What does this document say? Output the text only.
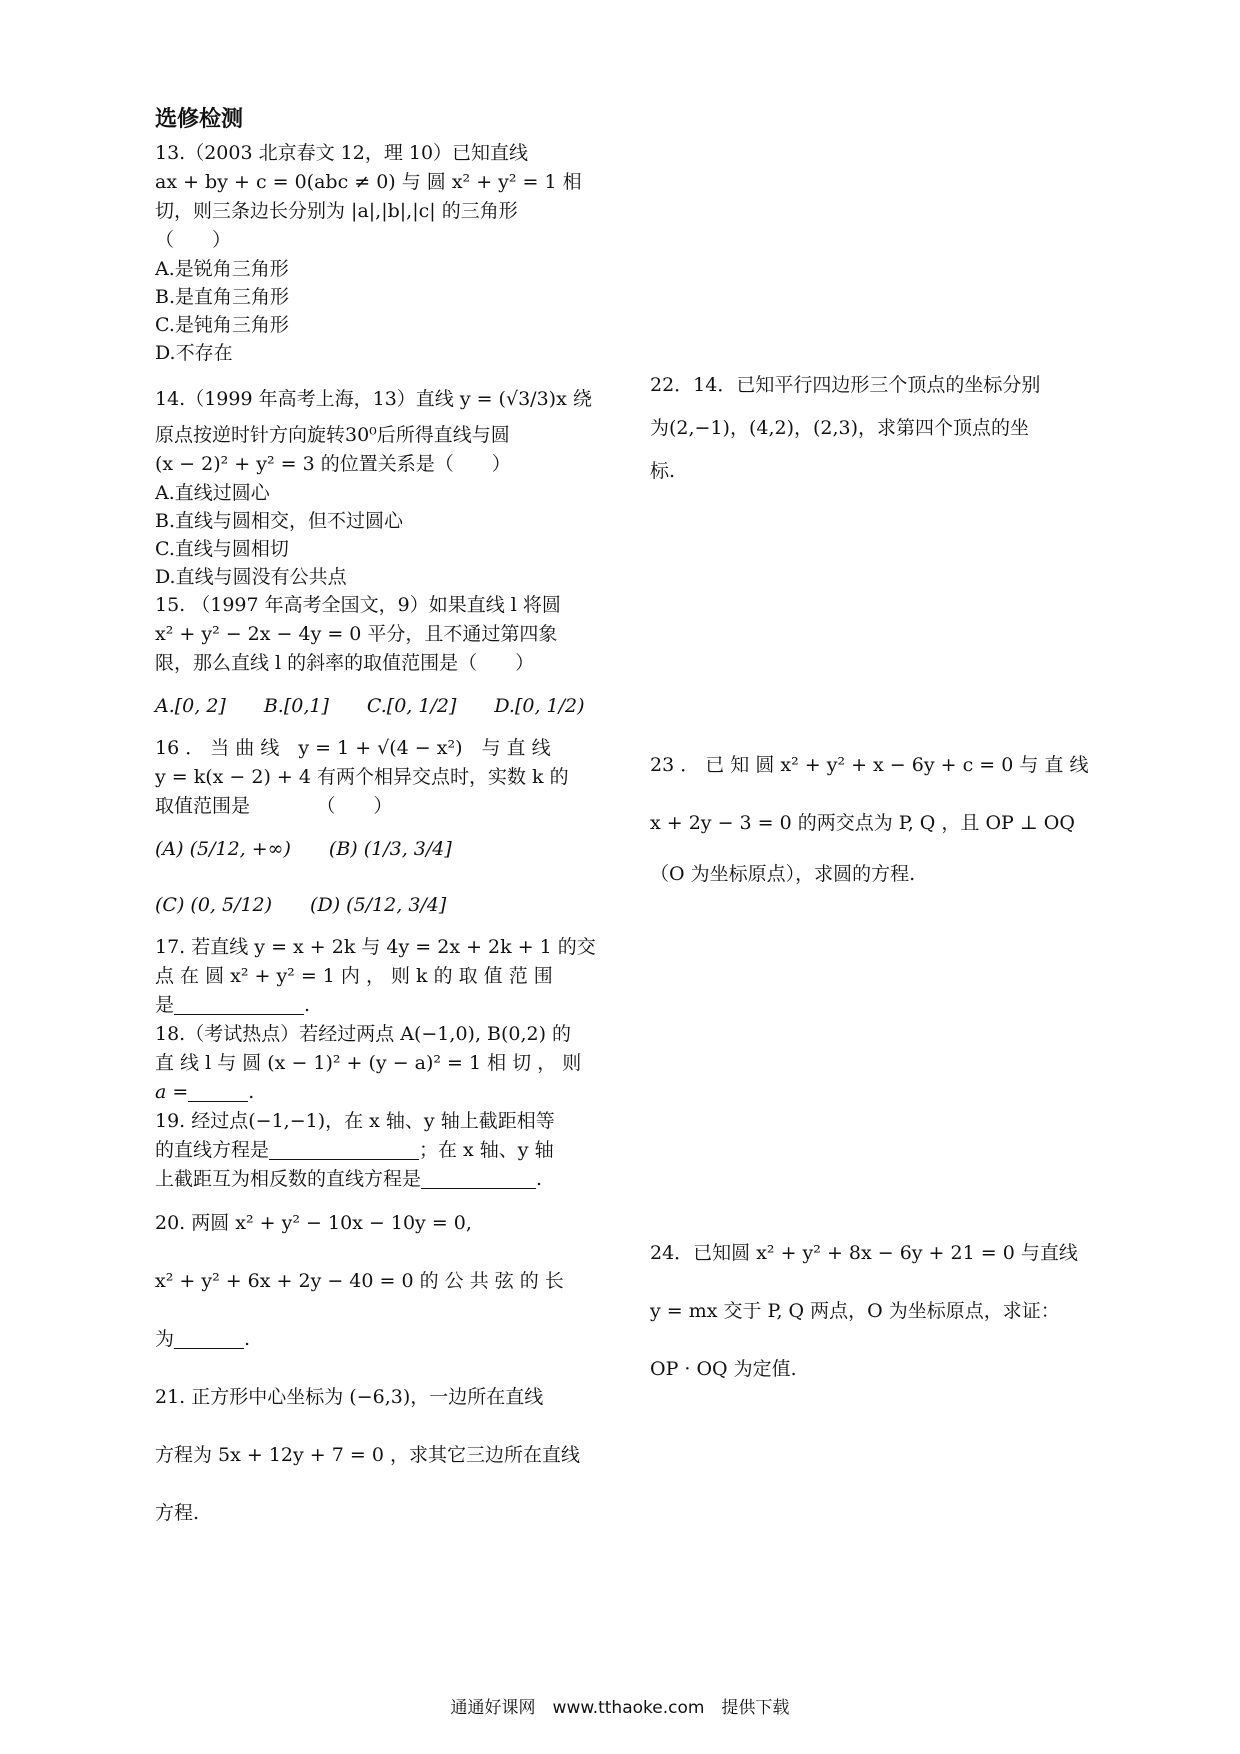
选修检测

13.（2003 北京春文 12，理 10）已知直线

ax + by + c = 0(abc ≠ 0) 与 圆 x² + y² = 1 相

切，则三条边长分别为 |a|,|b|,|c| 的三角形

（　　）

A.是锐角三角形

B.是直角三角形

C.是钝角三角形

D.不存在

14.（1999 年高考上海，13）直线 y = (√3/3)x 绕

原点按逆时针方向旋转30⁰后所得直线与圆

(x − 2)² + y² = 3 的位置关系是（　　）

A.直线过圆心

B.直线与圆相交，但不过圆心

C.直线与圆相切

D.直线与圆没有公共点

15. （1997 年高考全国文，9）如果直线 l 将圆

x² + y² − 2x − 4y = 0 平分，且不通过第四象

限，那么直线 l 的斜率的取值范围是（　　）

A.[0, 2]　　B.[0,1]　　C.[0, 1/2]　　D.[0, 1/2)

16 ． 当 曲 线　y = 1 + √(4 − x²)　与 直 线

y = k(x − 2) + 4 有两个相异交点时，实数 k 的

取值范围是　　　　（　　）

(A) (5/12, +∞)　　(B) (1/3, 3/4]

(C) (0, 5/12)　　(D) (5/12, 3/4]

17. 若直线 y = x + 2k 与 4y = 2x + 2k + 1 的交

点 在 圆 x² + y² = 1 内 ， 则 k 的 取 值 范 围

是	.

18.（考试热点）若经过两点 A(−1,0), B(0,2) 的

直 线 l 与 圆 (x − 1)² + (y − a)² = 1 相 切 ， 则

a =	.

19. 经过点(−1,−1)，在 x 轴、y 轴上截距相等

的直线方程是	；在 x 轴、y 轴

上截距互为相反数的直线方程是	.

20. 两圆 x² + y² − 10x − 10y = 0,

x² + y² + 6x + 2y − 40 = 0 的 公 共 弦 的 长

为	.

21. 正方形中心坐标为 (−6,3)，一边所在直线

方程为 5x + 12y + 7 = 0 ，求其它三边所在直线

方程.

22．14．已知平行四边形三个顶点的坐标分别

为(2,−1)，(4,2)，(2,3)，求第四个顶点的坐

标.

23 ． 已 知 圆 x² + y² + x − 6y + c = 0 与 直 线

x + 2y − 3 = 0 的两交点为 P, Q ，且 OP ⊥ OQ

（O 为坐标原点），求圆的方程.

24．已知圆 x² + y² + 8x − 6y + 21 = 0 与直线

y = mx 交于 P, Q 两点，O 为坐标原点，求证：

OP · OQ 为定值.

通通好课网　www.tthaoke.com　提供下载
